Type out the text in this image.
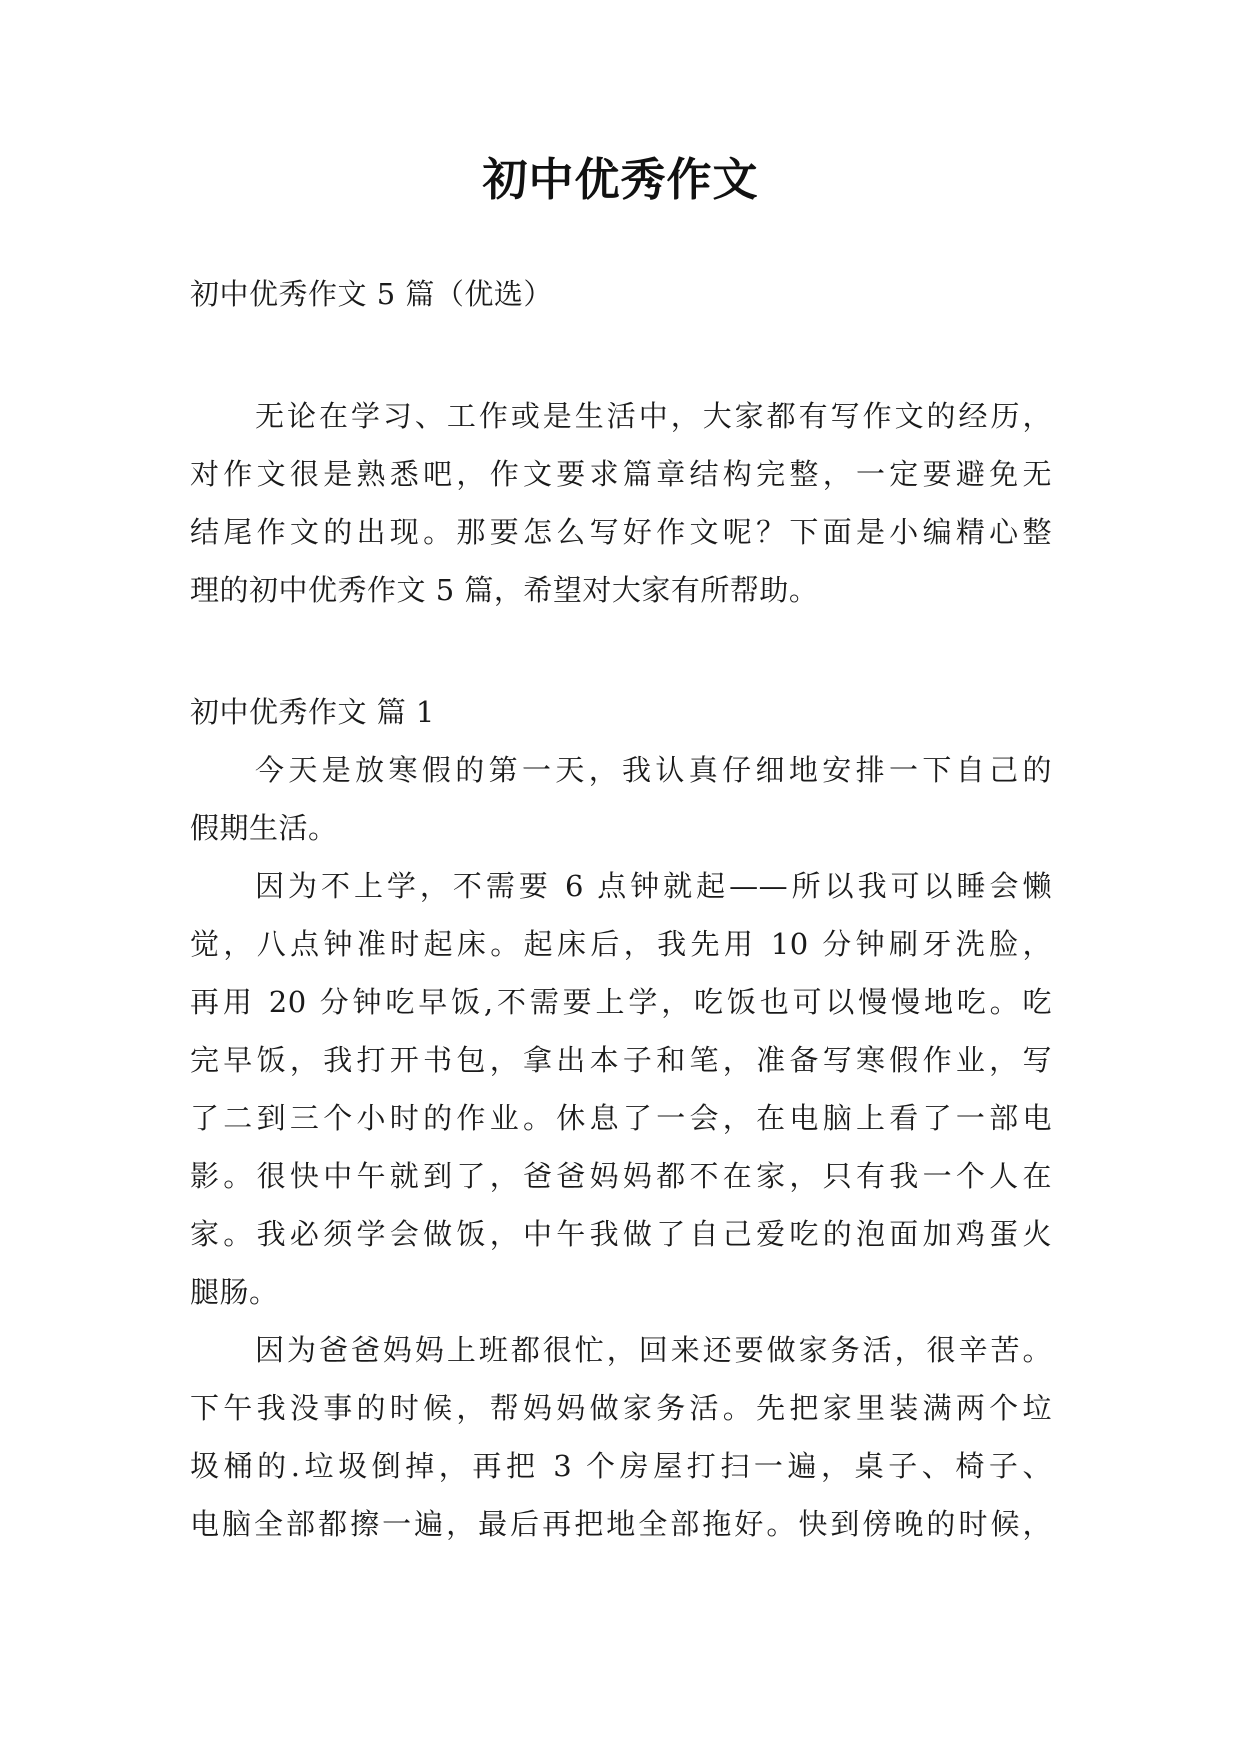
初中优秀作文
初中优秀作文 5 篇（优选）
无论在学习、工作或是生活中，大家都有写作文的经历，
对作文很是熟悉吧，作文要求篇章结构完整，一定要避免无
结尾作文的出现。那要怎么写好作文呢？下面是小编精心整
理的初中优秀作文 5 篇，希望对大家有所帮助。
初中优秀作文 篇 1
今天是放寒假的第一天，我认真仔细地安排一下自己的
假期生活。
因为不上学，不需要 6 点钟就起——所以我可以睡会懒
觉，八点钟准时起床。起床后，我先用 10 分钟刷牙洗脸，
再用 20 分钟吃早饭,不需要上学，吃饭也可以慢慢地吃。吃
完早饭，我打开书包，拿出本子和笔，准备写寒假作业，写
了二到三个小时的作业。休息了一会，在电脑上看了一部电
影。很快中午就到了，爸爸妈妈都不在家，只有我一个人在
家。我必须学会做饭，中午我做了自己爱吃的泡面加鸡蛋火
腿肠。
因为爸爸妈妈上班都很忙，回来还要做家务活，很辛苦。
下午我没事的时候，帮妈妈做家务活。先把家里装满两个垃
圾桶的.垃圾倒掉，再把 3 个房屋打扫一遍，桌子、椅子、
电脑全部都擦一遍，最后再把地全部拖好。快到傍晚的时候，
